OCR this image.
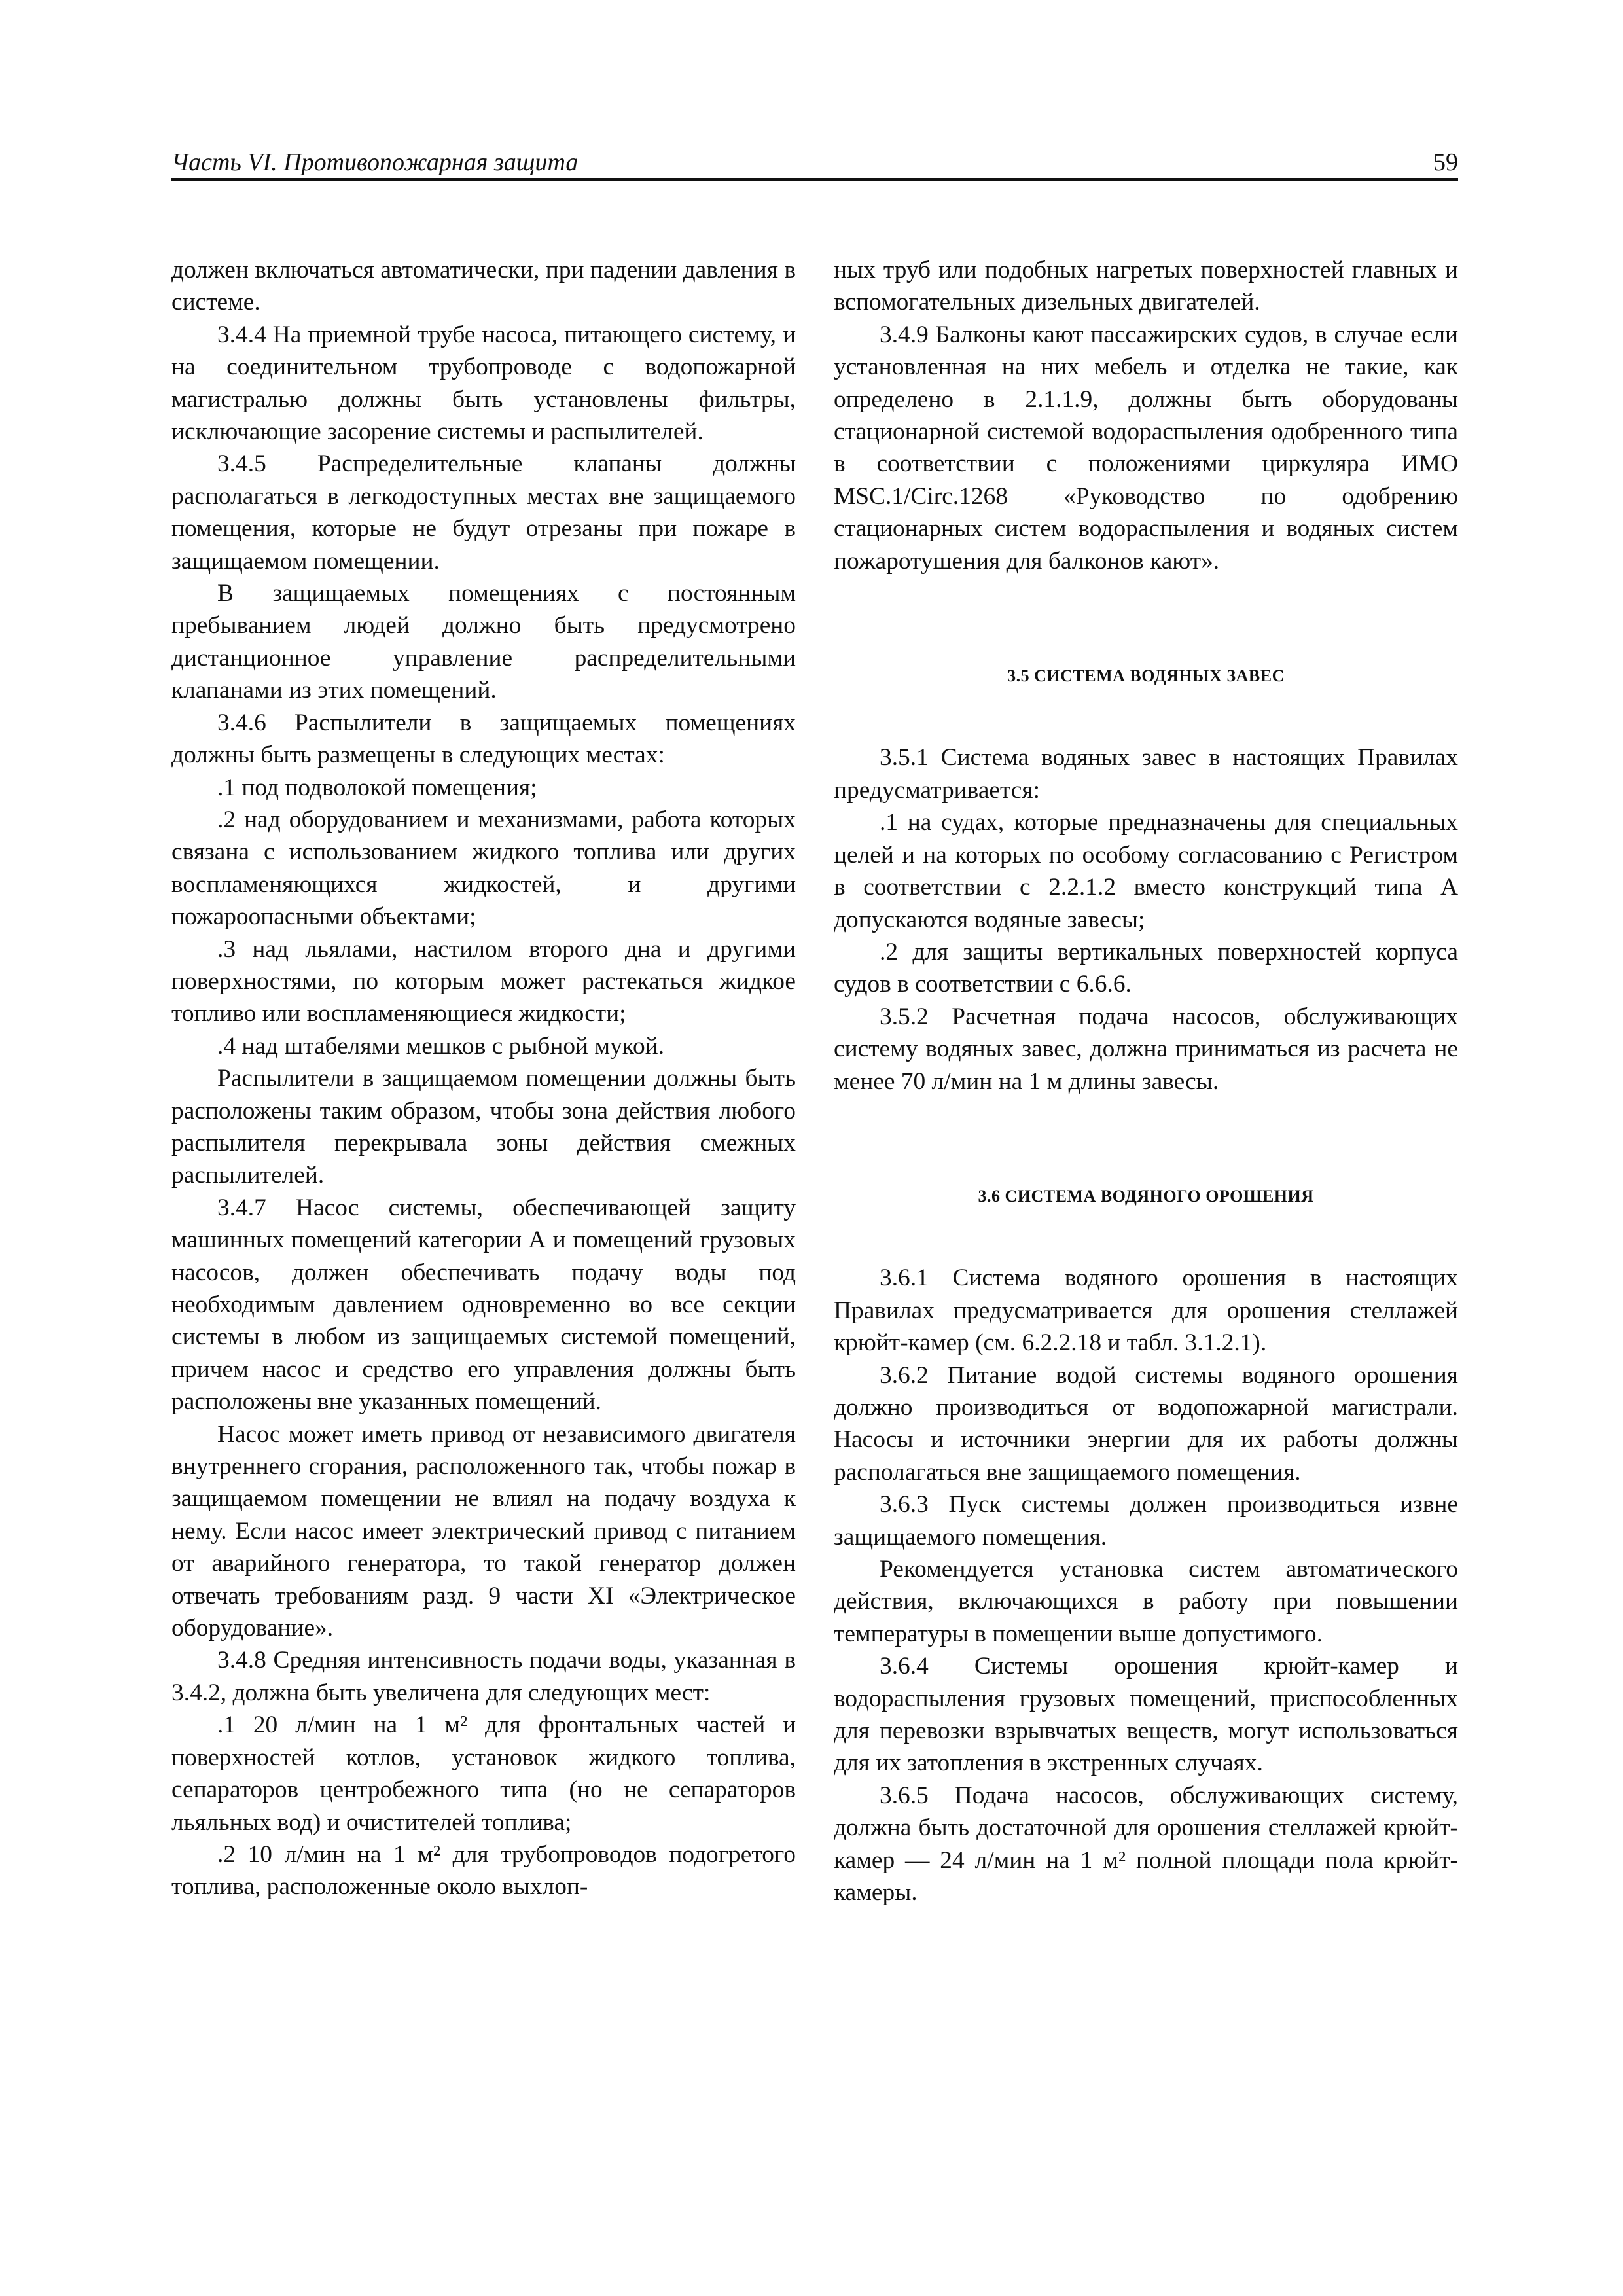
Часть VI. Противопожарная защита	59

должен включаться автоматически, при падении давления в системе.

3.4.4 На приемной трубе насоса, питающего систему, и на соединительном трубопроводе с водопожарной магистралью должны быть установлены фильтры, исключающие засорение системы и распылителей.

3.4.5 Распределительные клапаны должны располагаться в легкодоступных местах вне защищаемого помещения, которые не будут отрезаны при пожаре в защищаемом помещении.

В защищаемых помещениях с постоянным пребыванием людей должно быть предусмотрено дистанционное управление распределительными клапанами из этих помещений.

3.4.6 Распылители в защищаемых помещениях должны быть размещены в следующих местах:

.1 под подволокой помещения;

.2 над оборудованием и механизмами, работа которых связана с использованием жидкого топлива или других воспламеняющихся жидкостей, и другими пожароопасными объектами;

.3 над льялами, настилом второго дна и другими поверхностями, по которым может растекаться жидкое топливо или воспламеняющиеся жидкости;

.4 над штабелями мешков с рыбной мукой.

Распылители в защищаемом помещении должны быть расположены таким образом, чтобы зона действия любого распылителя перекрывала зоны действия смежных распылителей.

3.4.7 Насос системы, обеспечивающей защиту машинных помещений категории А и помещений грузовых насосов, должен обеспечивать подачу воды под необходимым давлением одновременно во все секции системы в любом из защищаемых системой помещений, причем насос и средство его управления должны быть расположены вне указанных помещений.

Насос может иметь привод от независимого двигателя внутреннего сгорания, расположенного так, чтобы пожар в защищаемом помещении не влиял на подачу воздуха к нему. Если насос имеет электрический привод с питанием от аварийного генератора, то такой генератор должен отвечать требованиям разд. 9 части XI «Электрическое оборудование».

3.4.8 Средняя интенсивность подачи воды, указанная в 3.4.2, должна быть увеличена для следующих мест:

.1 20 л/мин на 1 м² для фронтальных частей и поверхностей котлов, установок жидкого топлива, сепараторов центробежного типа (но не сепараторов льяльных вод) и очистителей топлива;

.2 10 л/мин на 1 м² для трубопроводов подогретого топлива, расположенные около выхлоп-

ных труб или подобных нагретых поверхностей главных и вспомогательных дизельных двигателей.

3.4.9 Балконы кают пассажирских судов, в случае если установленная на них мебель и отделка не такие, как определено в 2.1.1.9, должны быть оборудованы стационарной системой водораспыления одобренного типа в соответствии с положениями циркуляра ИМО MSC.1/Circ.1268 «Руководство по одобрению стационарных систем водораспыления и водяных систем пожаротушения для балконов кают».

3.5 СИСТЕМА ВОДЯНЫХ ЗАВЕС

3.5.1 Система водяных завес в настоящих Правилах предусматривается:

.1 на судах, которые предназначены для специальных целей и на которых по особому согласованию с Регистром в соответствии с 2.2.1.2 вместо конструкций типа А допускаются водяные завесы;

.2 для защиты вертикальных поверхностей корпуса судов в соответствии с 6.6.6.

3.5.2 Расчетная подача насосов, обслуживающих систему водяных завес, должна приниматься из расчета не менее 70 л/мин на 1 м длины завесы.

3.6 СИСТЕМА ВОДЯНОГО ОРОШЕНИЯ

3.6.1 Система водяного орошения в настоящих Правилах предусматривается для орошения стеллажей крюйт-камер (см. 6.2.2.18 и табл. 3.1.2.1).

3.6.2 Питание водой системы водяного орошения должно производиться от водопожарной магистрали. Насосы и источники энергии для их работы должны располагаться вне защищаемого помещения.

3.6.3 Пуск системы должен производиться извне защищаемого помещения.

Рекомендуется установка систем автоматического действия, включающихся в работу при повышении температуры в помещении выше допустимого.

3.6.4 Системы орошения крюйт-камер и водораспыления грузовых помещений, приспособленных для перевозки взрывчатых веществ, могут использоваться для их затопления в экстренных случаях.

3.6.5 Подача насосов, обслуживающих систему, должна быть достаточной для орошения стеллажей крюйт-камер — 24 л/мин на 1 м² полной площади пола крюйт-камеры.
